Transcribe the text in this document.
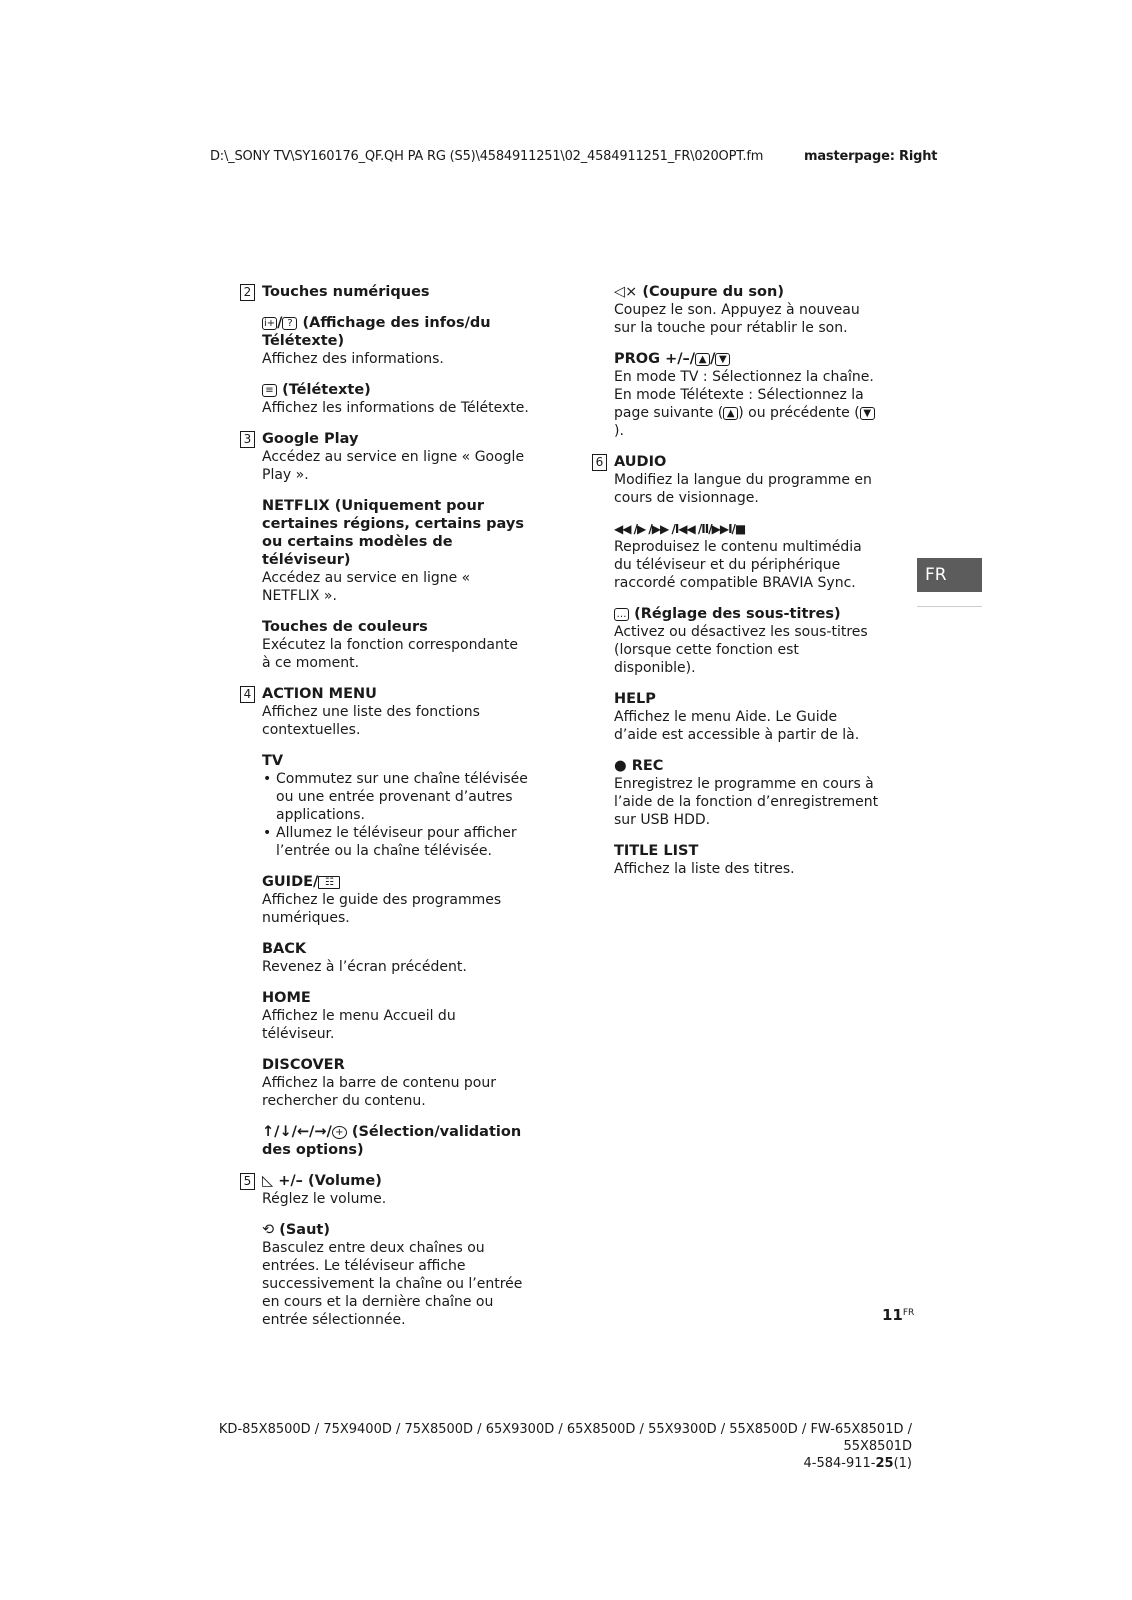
D:\_SONY TV\SY160176_QF.QH PA RG (S5)\4584911251\02_4584911251_FR\020OPT.fm	masterpage: Right
2 Touches numériques
i+ / ? (Affichage des infos/du Télétexte)
Affichez des informations.
≡ (Télétexte)
Affichez les informations de Télétexte.
3 Google Play
Accédez au service en ligne « Google Play ».
NETFLIX (Uniquement pour certaines régions, certains pays ou certains modèles de téléviseur)
Accédez au service en ligne « NETFLIX ».
Touches de couleurs
Exécutez la fonction correspondante à ce moment.
4 ACTION MENU
Affichez une liste des fonctions contextuelles.
TV
• Commutez sur une chaîne télévisée ou une entrée provenant d’autres applications.
• Allumez le téléviseur pour afficher l’entrée ou la chaîne télévisée.
GUIDE/ ☷
Affichez le guide des programmes numériques.
BACK
Revenez à l’écran précédent.
HOME
Affichez le menu Accueil du téléviseur.
DISCOVER
Affichez la barre de contenu pour rechercher du contenu.
↑/↓/←/→/ + (Sélection/validation des options)
5 ◺ +/– (Volume)
Réglez le volume.
⟲ (Saut)
Basculez entre deux chaînes ou entrées. Le téléviseur affiche successivement la chaîne ou l’entrée en cours et la dernière chaîne ou entrée sélectionnée.
◁× (Coupure du son)
Coupez le son. Appuyez à nouveau sur la touche pour rétablir le son.
PROG +/–/ ▲ / ▼

En mode TV : Sélectionnez la chaîne.

En mode Télétexte : Sélectionnez la page suivante ( ▲ ) ou précédente ( ▼).

6 AUDIO
Modifiez la langue du programme en cours de visionnage.
◀◀ /▶ /▶▶ /I◀◀ /II/▶▶I/■
Reproduisez le contenu multimédia du téléviseur et du périphérique raccordé compatible BRAVIA Sync.
… (Réglage des sous-titres)
Activez ou désactivez les sous-titres (lorsque cette fonction est disponible).
HELP
Affichez le menu Aide. Le Guide d’aide est accessible à partir de là.
● REC
Enregistrez le programme en cours à l’aide de la fonction d’enregistrement sur USB HDD.
TITLE LIST
Affichez la liste des titres.
FR
$11^{FR}$
KD-85X8500D / 75X9400D / 75X8500D / 65X9300D / 65X8500D / 55X9300D / 55X8500D / FW-65X8501D /
55X8501D
4-584-911-25(1)
